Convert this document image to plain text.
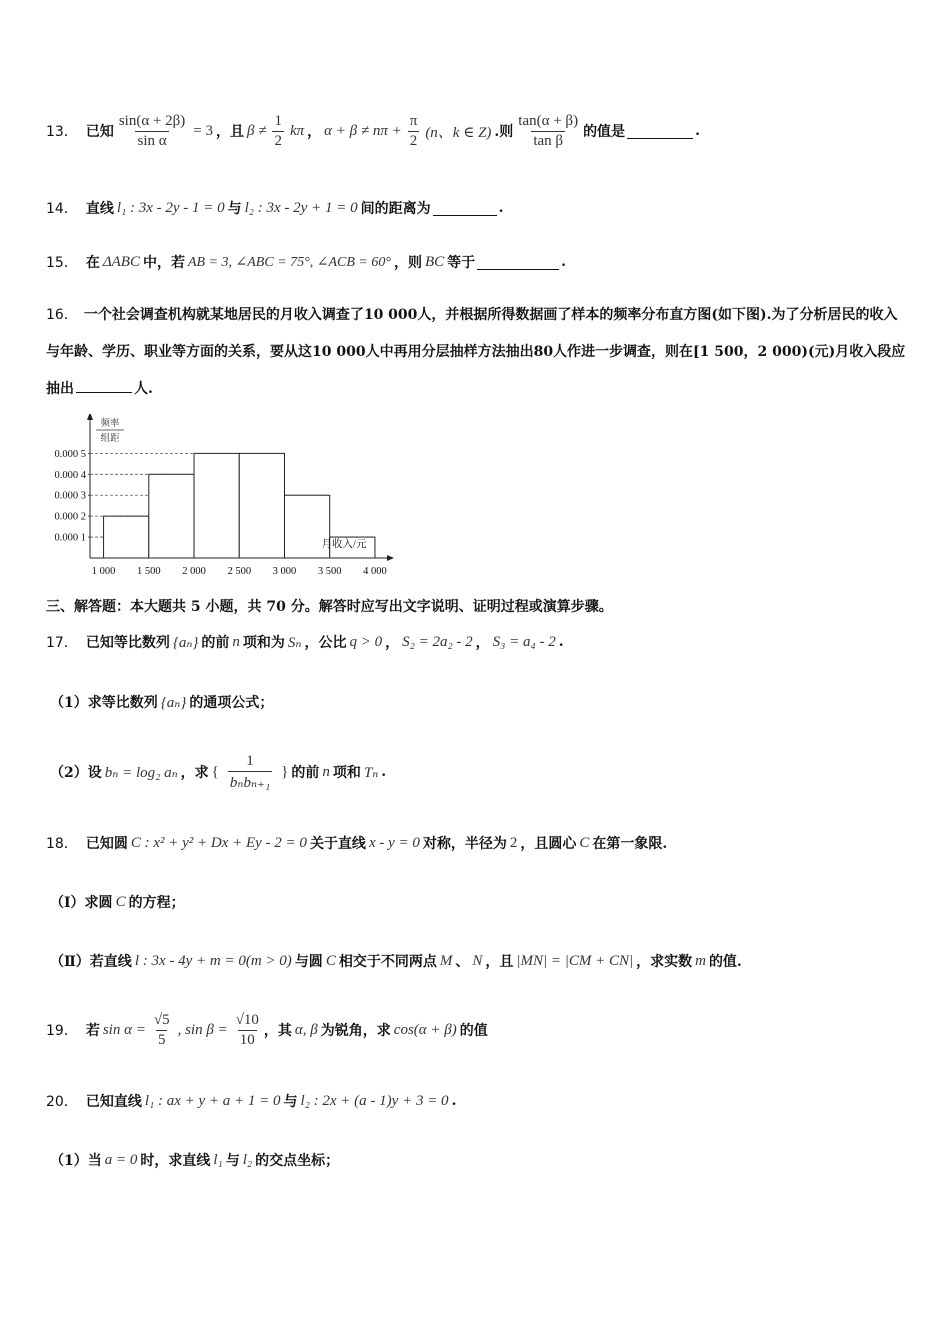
13． 已知 $\frac{\sin(\alpha + 2\beta)}{\text{sin α}} = 3$ ，且 $\beta \ne \frac{1}{2}$ kπ ， $\alpha + \beta \ne n\pi + \frac{\pi}{2} (n$、k ∈ Z) .则 $\frac{\tan(\alpha + \beta)}{\text{tan β}}$ 的值是	.
14． 直线 l₁ : 3x - 2y - 1 = 0 与 l₂ : 3x - 2y + 1 = 0 间的距离为	.
15． 在 ΔABC 中，若 AB = 3, ∠ABC = 75°, ∠ACB = 60° ，则 BC 等于	.
16． 一个社会调查机构就某地居民的月收入调查了10 000人，并根据所得数据画了样本的频率分布直方图(如下图).为了分析居民的收入与年龄、学历、职业等方面的关系，要从这10 000人中再用分层抽样方法抽出80人作进一步调查，则在[1 500，2 000)(元)月收入段应抽出	人.
0.000 1
0.000 2
0.000 3
0.000 4
0.000 5
频率
组距
月收入/元
1 000 1 500 2 000 2 500 3 000 3 500 4 000
三、解答题：本大题共 5 小题，共 70 分。解答时应写出文字说明、证明过程或演算步骤。
17． 已知等比数列 {aₙ} 的前 n 项和为 Sₙ ，公比 q > 0 ， S₂ = 2a₂ - 2 ， S₃ = a₄ - 2 .
（1）求等比数列 {aₙ} 的通项公式；
（2）设 bₙ = log₂ aₙ ，求 { $\frac{1}{\text{bₙbₙ₊₁}}$ } 的前 n 项和 Tₙ .
18． 已知圆 C : x² + y² + Dx + Ey - 2 = 0 关于直线 x - y = 0 对称，半径为 2 ，且圆心 C 在第一象限.
（Ⅰ）求圆 C 的方程；
（Ⅱ）若直线 l : 3x - 4y + m = 0(m > 0) 与圆 C 相交于不同两点 M 、 N ，且 |MN| = |CM + CN| ，求实数 m 的值.
19． 若 $\sin \alpha = \frac{√5}{5}$ , $\sin \beta = \frac{√10}{10}$ ，其 α, β 为锐角，求 cos(α + β) 的值
20． 已知直线 l₁ : ax + y + a + 1 = 0 与 l₂ : 2x + (a - 1)y + 3 = 0 .
（1）当 a = 0 时，求直线 l₁ 与 l₂ 的交点坐标；
